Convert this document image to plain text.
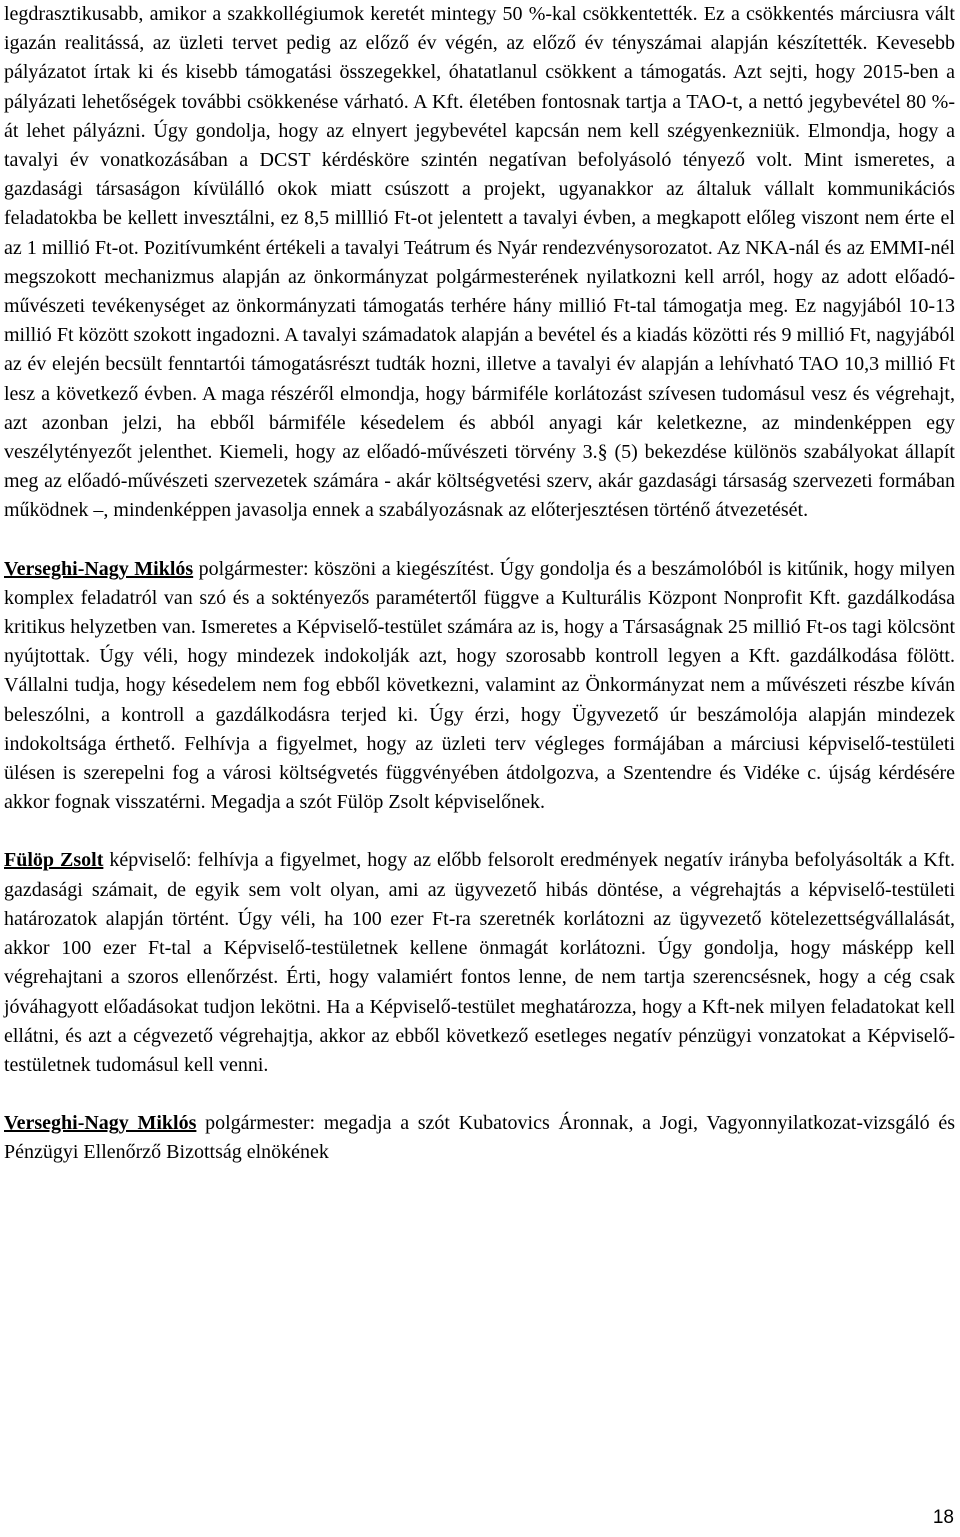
legdrasztikusabb, amikor a szakkollégiumok keretét mintegy 50 %-kal csökkentették. Ez a csökkentés márciusra vált igazán realitássá, az üzleti tervet pedig az előző év végén, az előző év tényszámai alapján készítették. Kevesebb pályázatot írtak ki és kisebb támogatási összegekkel, óhatatlanul csökkent a támogatás. Azt sejti, hogy 2015-ben a pályázati lehetőségek további csökkenése várható. A Kft. életében fontosnak tartja a TAO-t, a nettó jegybevétel 80 %-át lehet pályázni. Úgy gondolja, hogy az elnyert jegybevétel kapcsán nem kell szégyenkezniük. Elmondja, hogy a tavalyi év vonatkozásában a DCST kérdésköre szintén negatívan befolyásoló tényező volt. Mint ismeretes, a gazdasági társaságon kívülálló okok miatt csúszott a projekt, ugyanakkor az általuk vállalt kommunikációs feladatokba be kellett invesztálni, ez 8,5 milllió Ft-ot jelentett a tavalyi évben, a megkapott előleg viszont nem érte el az 1 millió Ft-ot. Pozitívumként értékeli a tavalyi Teátrum és Nyár rendezvénysorozatot. Az NKA-nál és az EMMI-nél megszokott mechanizmus alapján az önkormányzat polgármesterének nyilatkozni kell arról, hogy az adott előadó-művészeti tevékenységet az önkormányzati támogatás terhére hány millió Ft-tal támogatja meg. Ez nagyjából 10-13 millió Ft között szokott ingadozni. A tavalyi számadatok alapján a bevétel és a kiadás közötti rés 9 millió Ft, nagyjából az év elején becsült fenntartói támogatásrészt tudták hozni, illetve a tavalyi év alapján a lehívható TAO 10,3 millió Ft lesz a következő évben. A maga részéről elmondja, hogy bármiféle korlátozást szívesen tudomásul vesz és végrehajt, azt azonban jelzi, ha ebből bármiféle késedelem és abból anyagi kár keletkezne, az mindenképpen egy veszélytényezőt jelenthet. Kiemeli, hogy az előadó-művészeti törvény 3.§ (5) bekezdése különös szabályokat állapít meg az előadó-művészeti szervezetek számára - akár költségvetési szerv, akár gazdasági társaság szervezeti formában működnek –, mindenképpen javasolja ennek a szabályozásnak az előterjesztésen történő átvezetését.

Verseghi-Nagy Miklós polgármester: köszöni a kiegészítést. Úgy gondolja és a beszámolóból is kitűnik, hogy milyen komplex feladatról van szó és a soktényezős paramétertől függve a Kulturális Központ Nonprofit Kft. gazdálkodása kritikus helyzetben van. Ismeretes a Képviselő-testület számára az is, hogy a Társaságnak 25 millió Ft-os tagi kölcsönt nyújtottak. Úgy véli, hogy mindezek indokolják azt, hogy szorosabb kontroll legyen a Kft. gazdálkodása fölött. Vállalni tudja, hogy késedelem nem fog ebből következni, valamint az Önkormányzat nem a művészeti részbe kíván beleszólni, a kontroll a gazdálkodásra terjed ki. Úgy érzi, hogy Ügyvezető úr beszámolója alapján mindezek indokoltsága érthető. Felhívja a figyelmet, hogy az üzleti terv végleges formájában a márciusi képviselő-testületi ülésen is szerepelni fog a városi költségvetés függvényében átdolgozva, a Szentendre és Vidéke c. újság kérdésére akkor fognak visszatérni. Megadja a szót Fülöp Zsolt képviselőnek.

Fülöp Zsolt képviselő: felhívja a figyelmet, hogy az előbb felsorolt eredmények negatív irányba befolyásolták a Kft. gazdasági számait, de egyik sem volt olyan, ami az ügyvezető hibás döntése, a végrehajtás a képviselő-testületi határozatok alapján történt. Úgy véli, ha 100 ezer Ft-ra szeretnék korlátozni az ügyvezető kötelezettségvállalását, akkor 100 ezer Ft-tal a Képviselő-testületnek kellene önmagát korlátozni. Úgy gondolja, hogy másképp kell végrehajtani a szoros ellenőrzést. Érti, hogy valamiért fontos lenne, de nem tartja szerencsésnek, hogy a cég csak jóváhagyott előadásokat tudjon lekötni. Ha a Képviselő-testület meghatározza, hogy a Kft-nek milyen feladatokat kell ellátni, és azt a cégvezető végrehajtja, akkor az ebből következő esetleges negatív pénzügyi vonzatokat a Képviselő-testületnek tudomásul kell venni.

Verseghi-Nagy Miklós polgármester: megadja a szót Kubatovics Áronnak, a Jogi, Vagyonnyilatkozat-vizsgáló és Pénzügyi Ellenőrző Bizottság elnökének

18
